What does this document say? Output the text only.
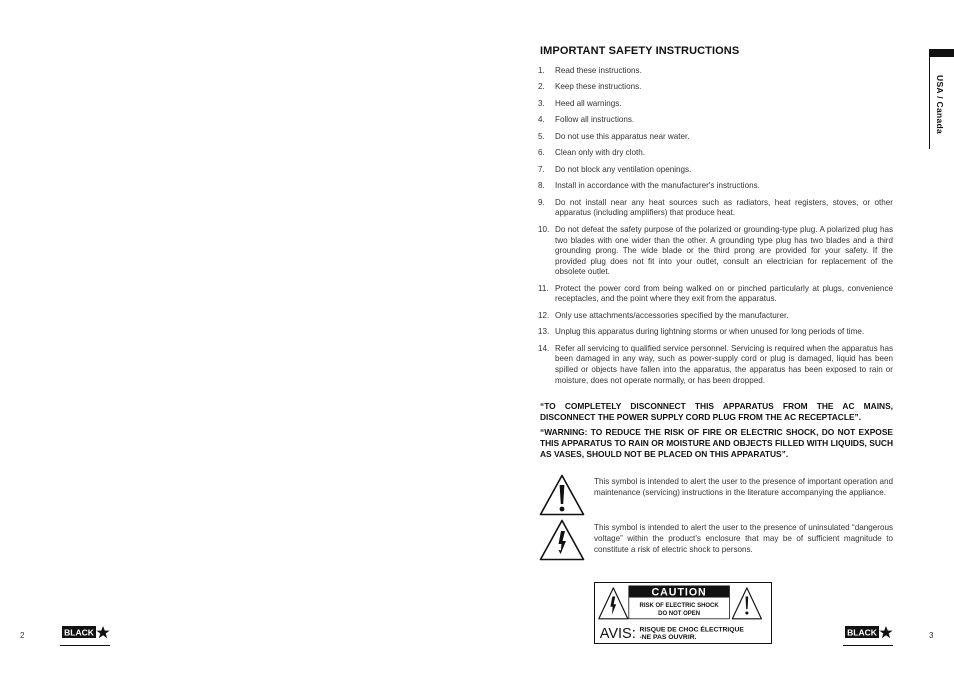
USA / Canada
IMPORTANT SAFETY INSTRUCTIONS
1.	Read these instructions.
2.	Keep these instructions.
3.	Heed all warnings.
4.	Follow all instructions.
5.	Do not use this apparatus near water.
6.	Clean only with dry cloth.
7.	Do not block any ventilation openings.
8.	Install in accordance with the manufacturer's instructions.
9.	Do not install near any heat sources such as radiators, heat registers, stoves, or other apparatus (including amplifiers) that produce heat.
10. Do not defeat the safety purpose of the polarized or grounding-type plug. A polarized plug has two blades with one wider than the other. A grounding type plug has two blades and a third grounding prong. The wide blade or the third prong are provided for your safety. If the provided plug does not fit into your outlet, consult an electrician for replacement of the obsolete outlet.
11. Protect the power cord from being walked on or pinched particularly at plugs, convenience receptacles, and the point where they exit from the apparatus.
12. Only use attachments/accessories specified by the manufacturer.
13. Unplug this apparatus during lightning storms or when unused for long periods of time.
14. Refer all servicing to qualified service personnel. Servicing is required when the apparatus has been damaged in any way, such as power-supply cord or plug is damaged, liquid has been spilled or objects have fallen into the apparatus, the apparatus has been exposed to rain or moisture, does not operate normally, or has been dropped.
“TO COMPLETELY DISCONNECT THIS APPARATUS FROM THE AC MAINS, DISCONNECT THE POWER SUPPLY CORD PLUG FROM THE AC RECEPTACLE”.
“WARNING: TO REDUCE THE RISK OF FIRE OR ELECTRIC SHOCK, DO NOT EXPOSE THIS APPARATUS TO RAIN OR MOISTURE AND OBJECTS FILLED WITH LIQUIDS, SUCH AS VASES, SHOULD NOT BE PLACED ON THIS APPARATUS”.
This symbol is intended to alert the user to the presence of important operation and maintenance (servicing) instructions in the literature accompanying the appliance.
This symbol is intended to alert the user to the presence of uninsulated “dangerous voltage” within the product’s enclosure that may be of sufficient magnitude to constitute a risk of electric shock to persons.
CAUTION
RISK OF ELECTRIC SHOCK
DO NOT OPEN
AVIS: RISQUE DE CHOC ÉLECTRIQUE
-NE PAS OUVRIR.
2	BLACK	BLACK	3
